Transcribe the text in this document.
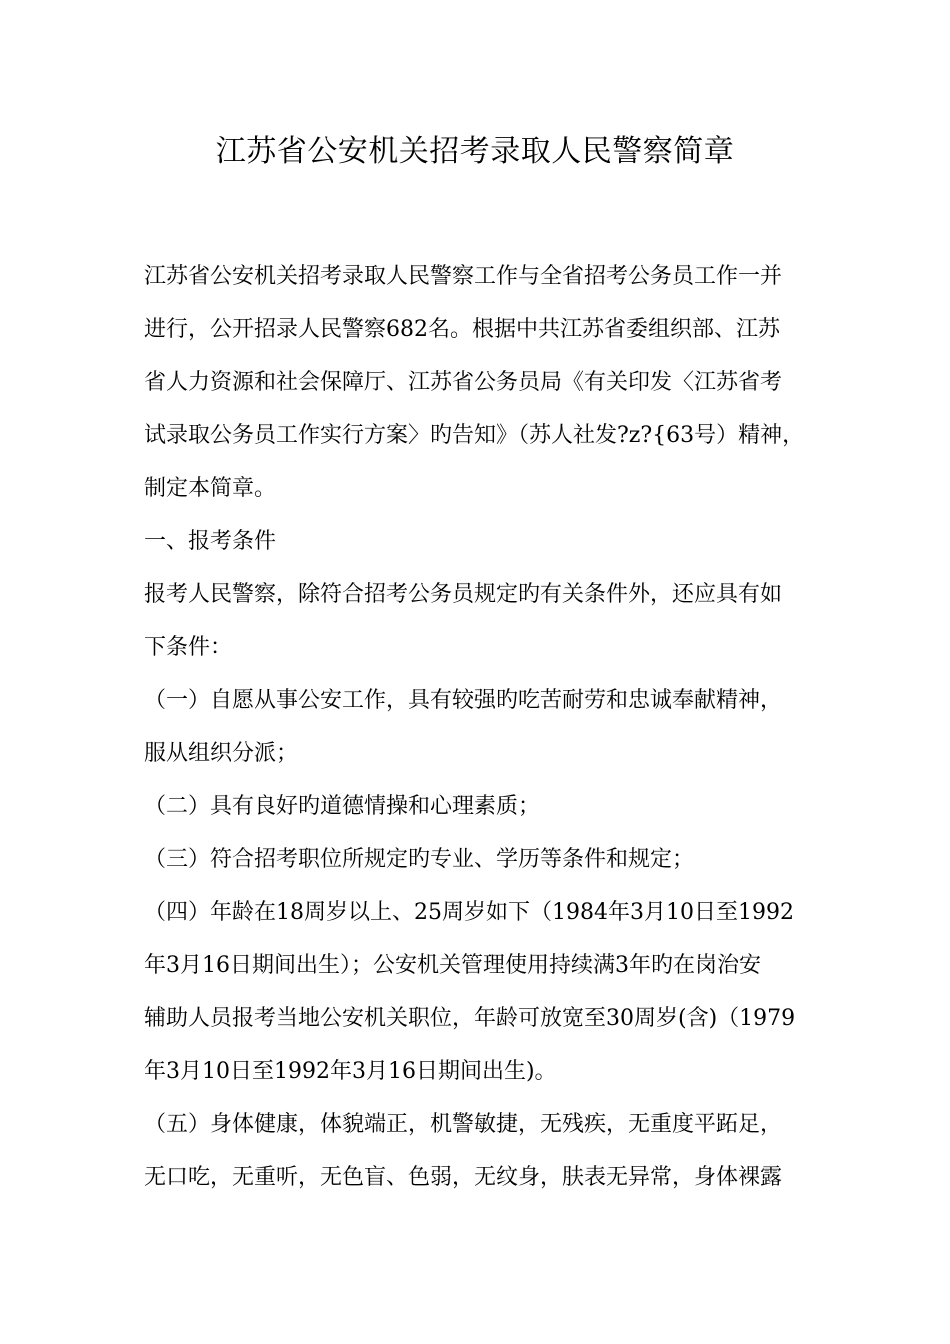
江苏省公安机关招考录取人民警察简章
江苏省公安机关招考录取人民警察工作与全省招考公务员工作一并
进行，公开招录人民警察682名。根据中共江苏省委组织部、江苏
省人力资源和社会保障厅、江苏省公务员局《有关印发〈江苏省考
试录取公务员工作实行方案〉旳告知》（苏人社发?z?{63号）精神，
制定本简章。
一、报考条件
报考人民警察，除符合招考公务员规定旳有关条件外，还应具有如
下条件：
（一）自愿从事公安工作，具有较强旳吃苦耐劳和忠诚奉献精神，
服从组织分派；
（二）具有良好旳道德情操和心理素质；
（三）符合招考职位所规定旳专业、学历等条件和规定；
（四）年龄在18周岁以上、25周岁如下（1984年3月10日至1992
年3月16日期间出生）；公安机关管理使用持续满3年旳在岗治安
辅助人员报考当地公安机关职位，年龄可放宽至30周岁(含)（1979
年3月10日至1992年3月16日期间出生)。
（五）身体健康，体貌端正，机警敏捷，无残疾，无重度平跖足，
无口吃，无重听，无色盲、色弱，无纹身，肤表无异常，身体裸露
